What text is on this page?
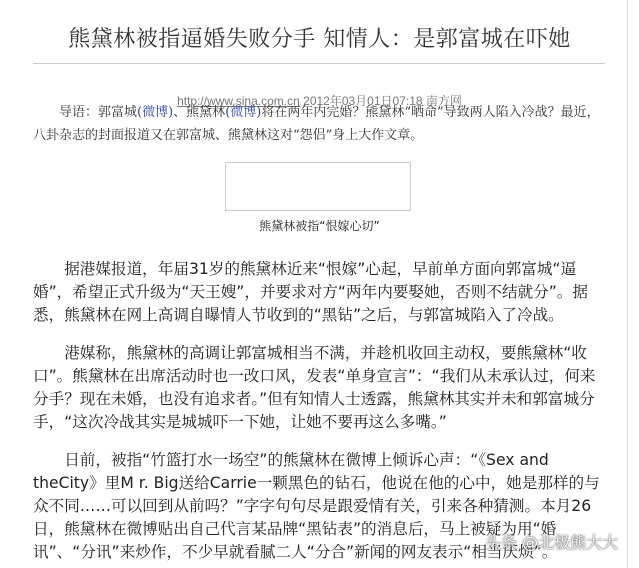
熊黛林被指逼婚失败分手 知情人：是郭富城在吓她
http://www.sina.com.cn 2012年03月01日07:18 南方网
导语：郭富城(微博)、熊黛林(微博)将在两年内完婚？熊黛林“晒命”导致两人陷入冷战？最近，八卦杂志的封面报道又在郭富城、熊黛林这对“怨侣”身上大作文章。
熊黛林被指“恨嫁心切”

据港媒报道，年届31岁的熊黛林近来“恨嫁”心起，早前单方面向郭富城“逼婚”，希望正式升级为“天王嫂”，并要求对方“两年内要娶她，否则不结就分”。据悉，熊黛林在网上高调自曝情人节收到的“黑钻”之后，与郭富城陷入了冷战。

港媒称，熊黛林的高调让郭富城相当不满，并趁机收回主动权，要熊黛林“收口”。熊黛林在出席活动时也一改口风，发表“单身宣言”：“我们从未承认过，何来分手？现在未婚，也没有追求者。”但有知情人士透露，熊黛林其实并未和郭富城分手，“这次冷战其实是城城吓一下她，让她不要再这么多嘴。”

日前，被指“竹篮打水一场空”的熊黛林在微博上倾诉心声：“《Sex and theCity》里M r. Big送给Carrie一颗黑色的钻石，他说在他的心中，她是那样的与众不同……可以回到从前吗？”字字句句尽是跟爱情有关，引来各种猜测。本月26日，熊黛林在微博贴出自己代言某品牌“黑钻表”的消息后，马上被疑为用“婚讯”、“分讯”来炒作，不少早就看腻二人“分合”新闻的网友表示“相当厌烦”。

头条 @北极熊大大
